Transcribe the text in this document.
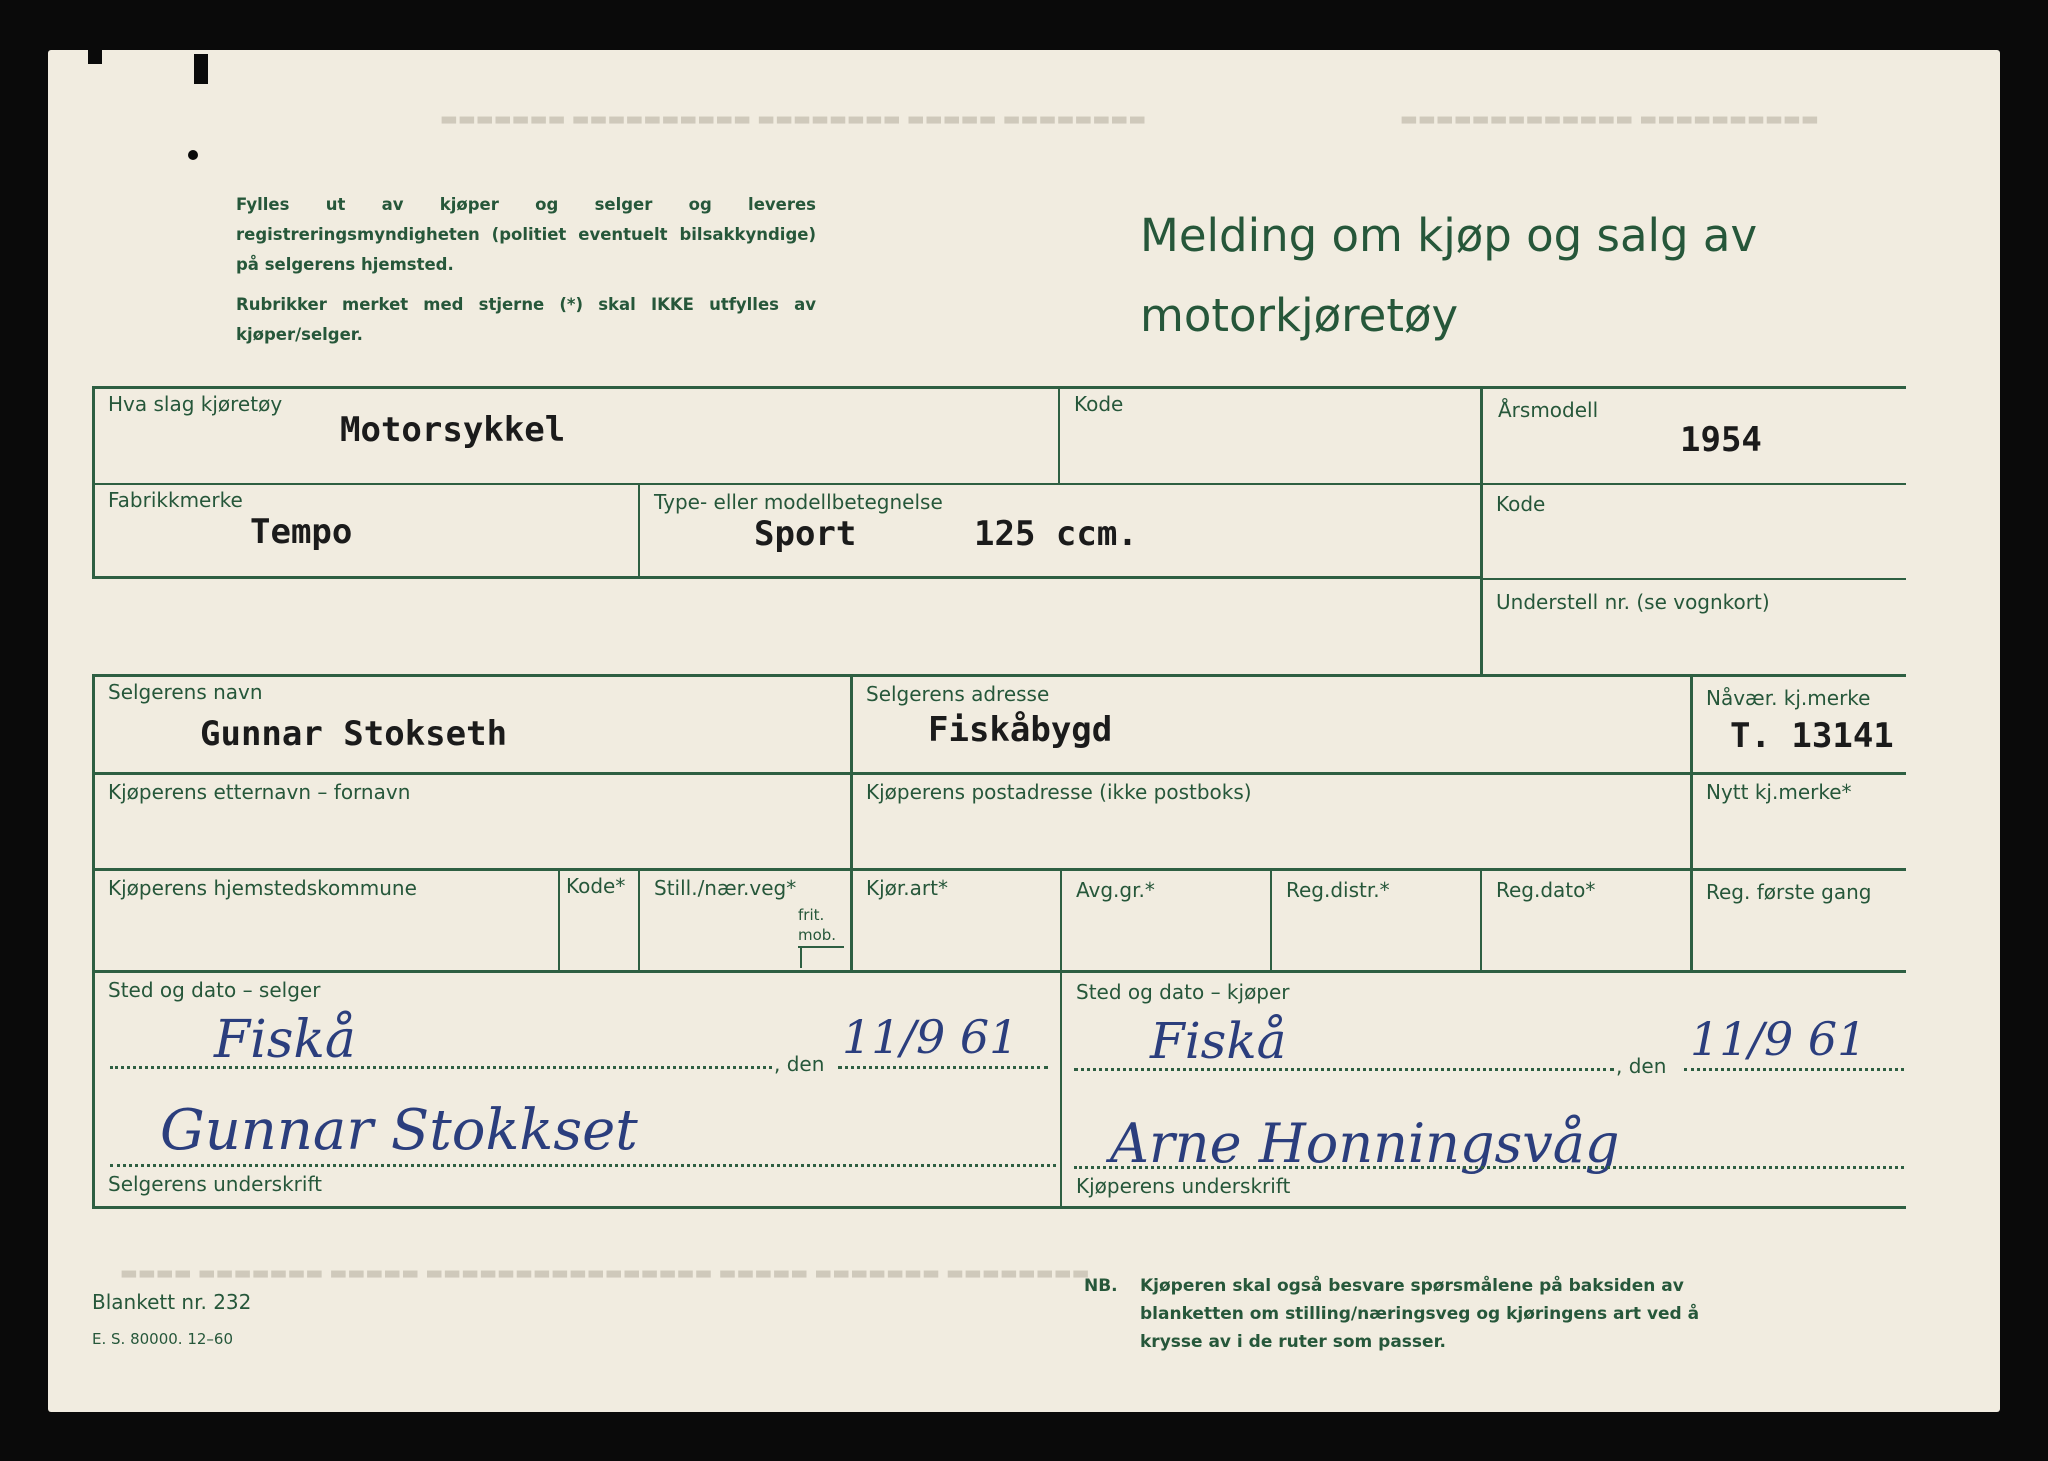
▬▬▬▬▬▬▬ ▬▬▬▬▬▬▬▬▬▬ ▬▬▬▬▬▬▬▬ ▬▬▬▬▬ ▬▬▬▬▬▬▬▬	▬▬▬▬▬▬▬▬▬▬▬▬▬ ▬▬▬▬▬▬▬▬▬▬
▬▬▬▬ ▬▬▬▬▬▬▬ ▬▬▬▬▬ ▬▬▬▬▬▬▬▬▬▬▬▬▬▬▬▬ ▬▬▬▬▬ ▬▬▬▬▬▬▬ ▬▬▬▬▬▬▬▬

Fylles ut av kjøper og selger og leveres registreringsmyndigheten (politiet eventuelt bilsakkyndige) på selgerens hjemsted.

Rubrikker merket med stjerne (*) skal IKKE utfylles av kjøper/selger.

Melding om kjøp og salg av
motorkjøretøy
Hva slag kjøretøy
Motorsykkel
Kode	Årsmodell
1954
Fabrikkmerke
Tempo
Type- eller modellbetegnelse
Sport	125 ccm.
Kode
Understell nr. (se vognkort)
Selgerens navn
Gunnar Stokseth
Selgerens adresse
Fiskåbygd
Nåvær. kj.merke
T. 13141
Kjøperens etternavn – fornavn	Kjøperens postadresse (ikke postboks)	Nytt kj.merke*
Kjøperens hjemstedskommune	Kode* Still./nær.veg*
frit.
mob.
Kjør.art*	Avg.gr.*	Reg.distr.*	Reg.dato*	Reg. første gang
Sted og dato – selger
Fiskå	, den 11/9 61
Gunnar Stokkset
Selgerens underskrift
Sted og dato – kjøper
Fiskå	, den 11/9 61
Arne Honningsvåg
Kjøperens underskrift
Blankett nr. 232
E. S. 80000. 12–60
NB. Kjøperen skal også besvare spørsmålene på baksiden av blanketten om stilling/næringsveg og kjøringens art ved å krysse av i de ruter som passer.
